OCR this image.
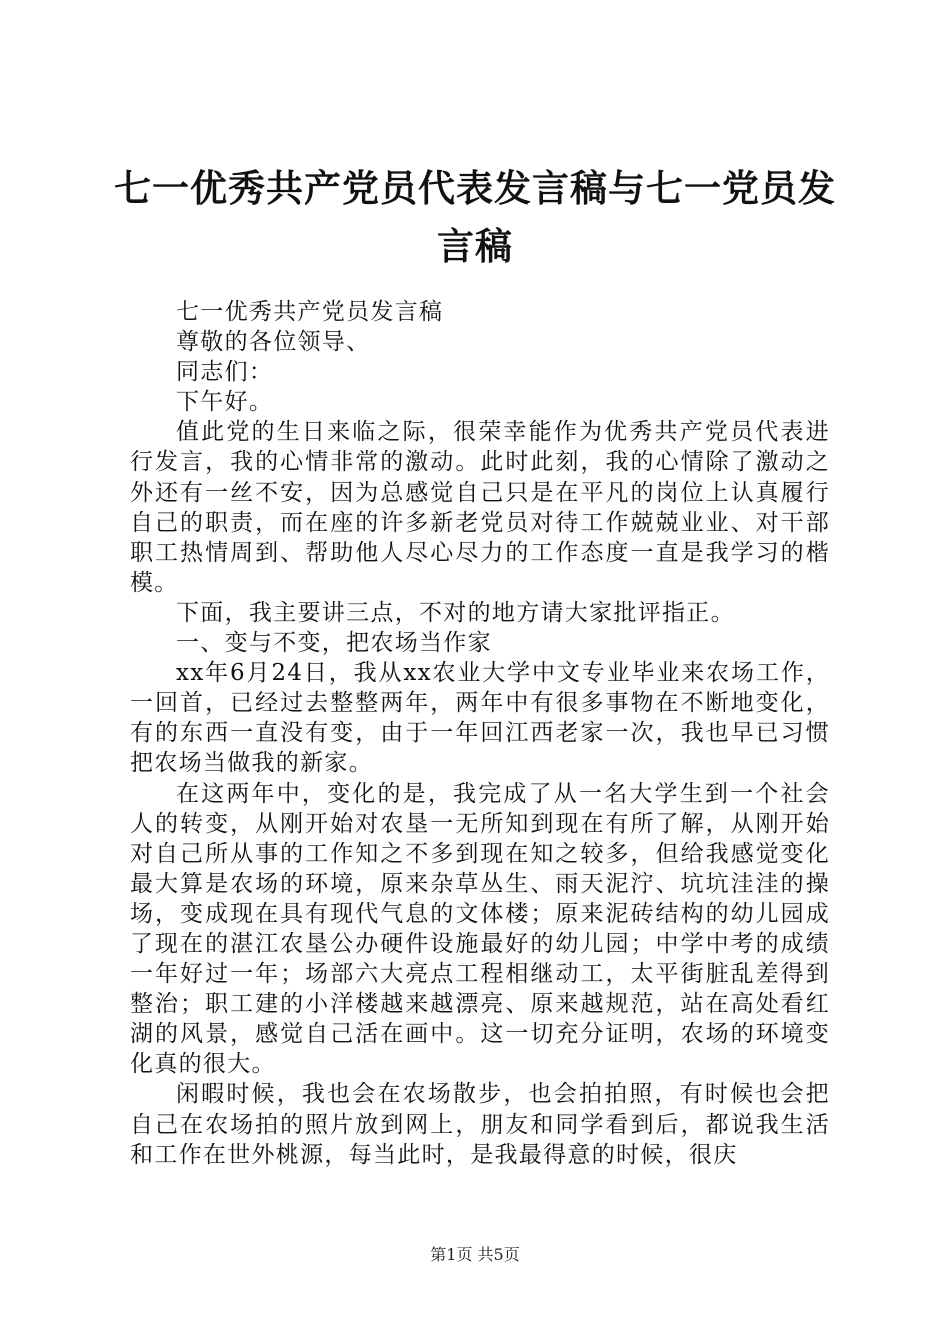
七一优秀共产党员代表发言稿与七一党员发言稿

七一优秀共产党员发言稿

尊敬的各位领导、

同志们：

下午好。

值此党的生日来临之际，很荣幸能作为优秀共产党员代表进行发言，我的心情非常的激动。此时此刻，我的心情除了激动之外还有一丝不安，因为总感觉自己只是在平凡的岗位上认真履行自己的职责，而在座的许多新老党员对待工作兢兢业业、对干部职工热情周到、帮助他人尽心尽力的工作态度一直是我学习的楷模。

下面，我主要讲三点，不对的地方请大家批评指正。

一、变与不变，把农场当作家

xx年6月24日，我从xx农业大学中文专业毕业来农场工作，一回首，已经过去整整两年，两年中有很多事物在不断地变化，有的东西一直没有变，由于一年回江西老家一次，我也早已习惯把农场当做我的新家。

在这两年中，变化的是，我完成了从一名大学生到一个社会人的转变，从刚开始对农垦一无所知到现在有所了解，从刚开始对自己所从事的工作知之不多到现在知之较多，但给我感觉变化最大算是农场的环境，原来杂草丛生、雨天泥泞、坑坑洼洼的操场，变成现在具有现代气息的文体楼；原来泥砖结构的幼儿园成了现在的湛江农垦公办硬件设施最好的幼儿园；中学中考的成绩一年好过一年；场部六大亮点工程相继动工，太平街脏乱差得到整治；职工建的小洋楼越来越漂亮、原来越规范，站在高处看红湖的风景，感觉自己活在画中。这一切充分证明，农场的环境变化真的很大。

闲暇时候，我也会在农场散步，也会拍拍照，有时候也会把自己在农场拍的照片放到网上，朋友和同学看到后，都说我生活和工作在世外桃源，每当此时，是我最得意的时候，很庆

第1页 共5页
